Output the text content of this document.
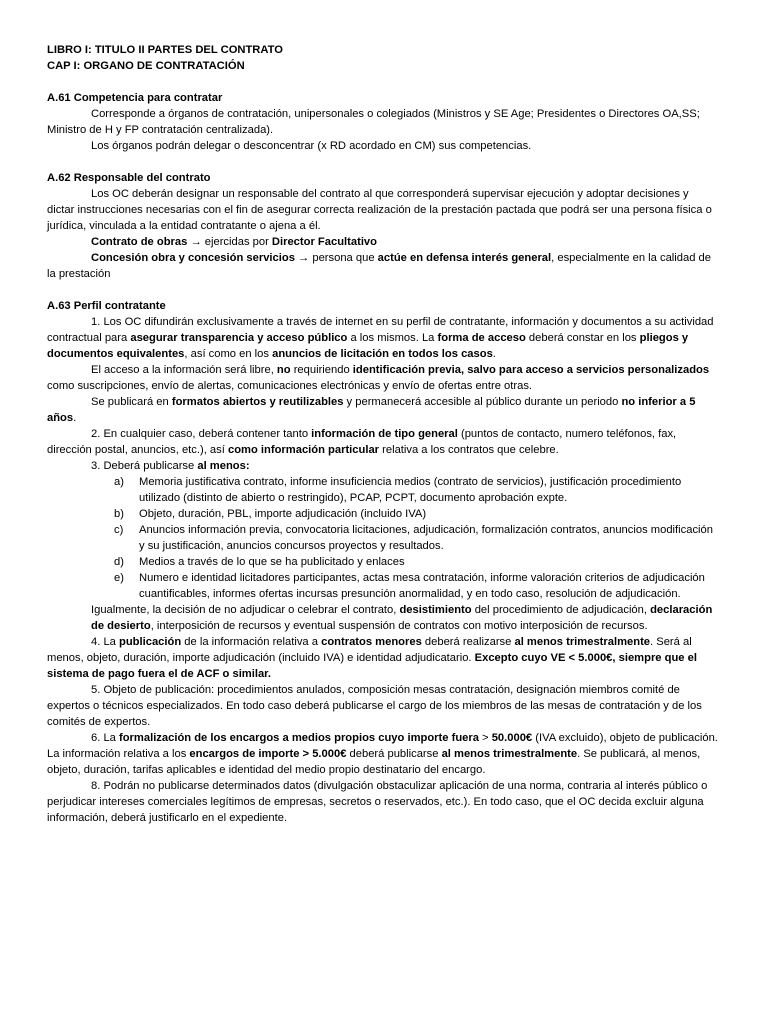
LIBRO I: TITULO II PARTES DEL CONTRATO

CAP I: ORGANO DE CONTRATACIÓN

A.61 Competencia para contratar

Corresponde a órganos de contratación, unipersonales o colegiados (Ministros y SE Age; Presidentes o Directores OA,SS; Ministro de H y FP contratación centralizada).

Los órganos podrán delegar o desconcentrar (x RD acordado en CM) sus competencias.

A.62 Responsable del contrato

Los OC deberán designar un responsable del contrato al que corresponderá supervisar ejecución y adoptar decisiones y dictar instrucciones necesarias con el fin de asegurar correcta realización de la prestación pactada que podrá ser una persona física o jurídica, vinculada a la entidad contratante o ajena a él.

Contrato de obras → ejercidas por Director Facultativo

Concesión obra y concesión servicios → persona que actúe en defensa interés general, especialmente en la calidad de la prestación

A.63 Perfil contratante

1. Los OC difundirán exclusivamente a través de internet en su perfil de contratante, información y documentos a su actividad contractual para asegurar transparencia y acceso público a los mismos. La forma de acceso deberá constar en los pliegos y documentos equivalentes, así como en los anuncios de licitación en todos los casos.

El acceso a la información será libre, no requiriendo identificación previa, salvo para acceso a servicios personalizados como suscripciones, envío de alertas, comunicaciones electrónicas y envío de ofertas entre otras.

Se publicará en formatos abiertos y reutilizables y permanecerá accesible al público durante un periodo no inferior a 5 años.

2. En cualquier caso, deberá contener tanto información de tipo general (puntos de contacto, numero teléfonos, fax, dirección postal, anuncios, etc.), así como información particular relativa a los contratos que celebre.

3. Deberá publicarse al menos:

a)	Memoria justificativa contrato, informe insuficiencia medios (contrato de servicios), justificación procedimiento utilizado (distinto de abierto o restringido), PCAP, PCPT, documento aprobación expte.
b)	Objeto, duración, PBL, importe adjudicación (incluido IVA)
c)	Anuncios información previa, convocatoria licitaciones, adjudicación, formalización contratos, anuncios modificación y su justificación, anuncios concursos proyectos y resultados.
d)	Medios a través de lo que se ha publicitado y enlaces
e)	Numero e identidad licitadores participantes, actas mesa contratación, informe valoración criterios de adjudicación cuantificables, informes ofertas incursas presunción anormalidad, y en todo caso, resolución de adjudicación.

Igualmente, la decisión de no adjudicar o celebrar el contrato, desistimiento del procedimiento de adjudicación, declaración de desierto, interposición de recursos y eventual suspensión de contratos con motivo interposición de recursos.

4. La publicación de la información relativa a contratos menores deberá realizarse al menos trimestralmente. Será al menos, objeto, duración, importe adjudicación (incluido IVA) e identidad adjudicatario. Excepto cuyo VE < 5.000€, siempre que el sistema de pago fuera el de ACF o similar.

5. Objeto de publicación: procedimientos anulados, composición mesas contratación, designación miembros comité de expertos o técnicos especializados. En todo caso deberá publicarse el cargo de los miembros de las mesas de contratación y de los comités de expertos.

6. La formalización de los encargos a medios propios cuyo importe fuera > 50.000€ (IVA excluido), objeto de publicación. La información relativa a los encargos de importe > 5.000€ deberá publicarse al menos trimestralmente. Se publicará, al menos, objeto, duración, tarifas aplicables e identidad del medio propio destinatario del encargo.

8. Podrán no publicarse determinados datos (divulgación obstaculizar aplicación de una norma, contraria al interés público o perjudicar intereses comerciales legítimos de empresas, secretos o reservados, etc.). En todo caso, que el OC decida excluir alguna información, deberá justificarlo en el expediente.
